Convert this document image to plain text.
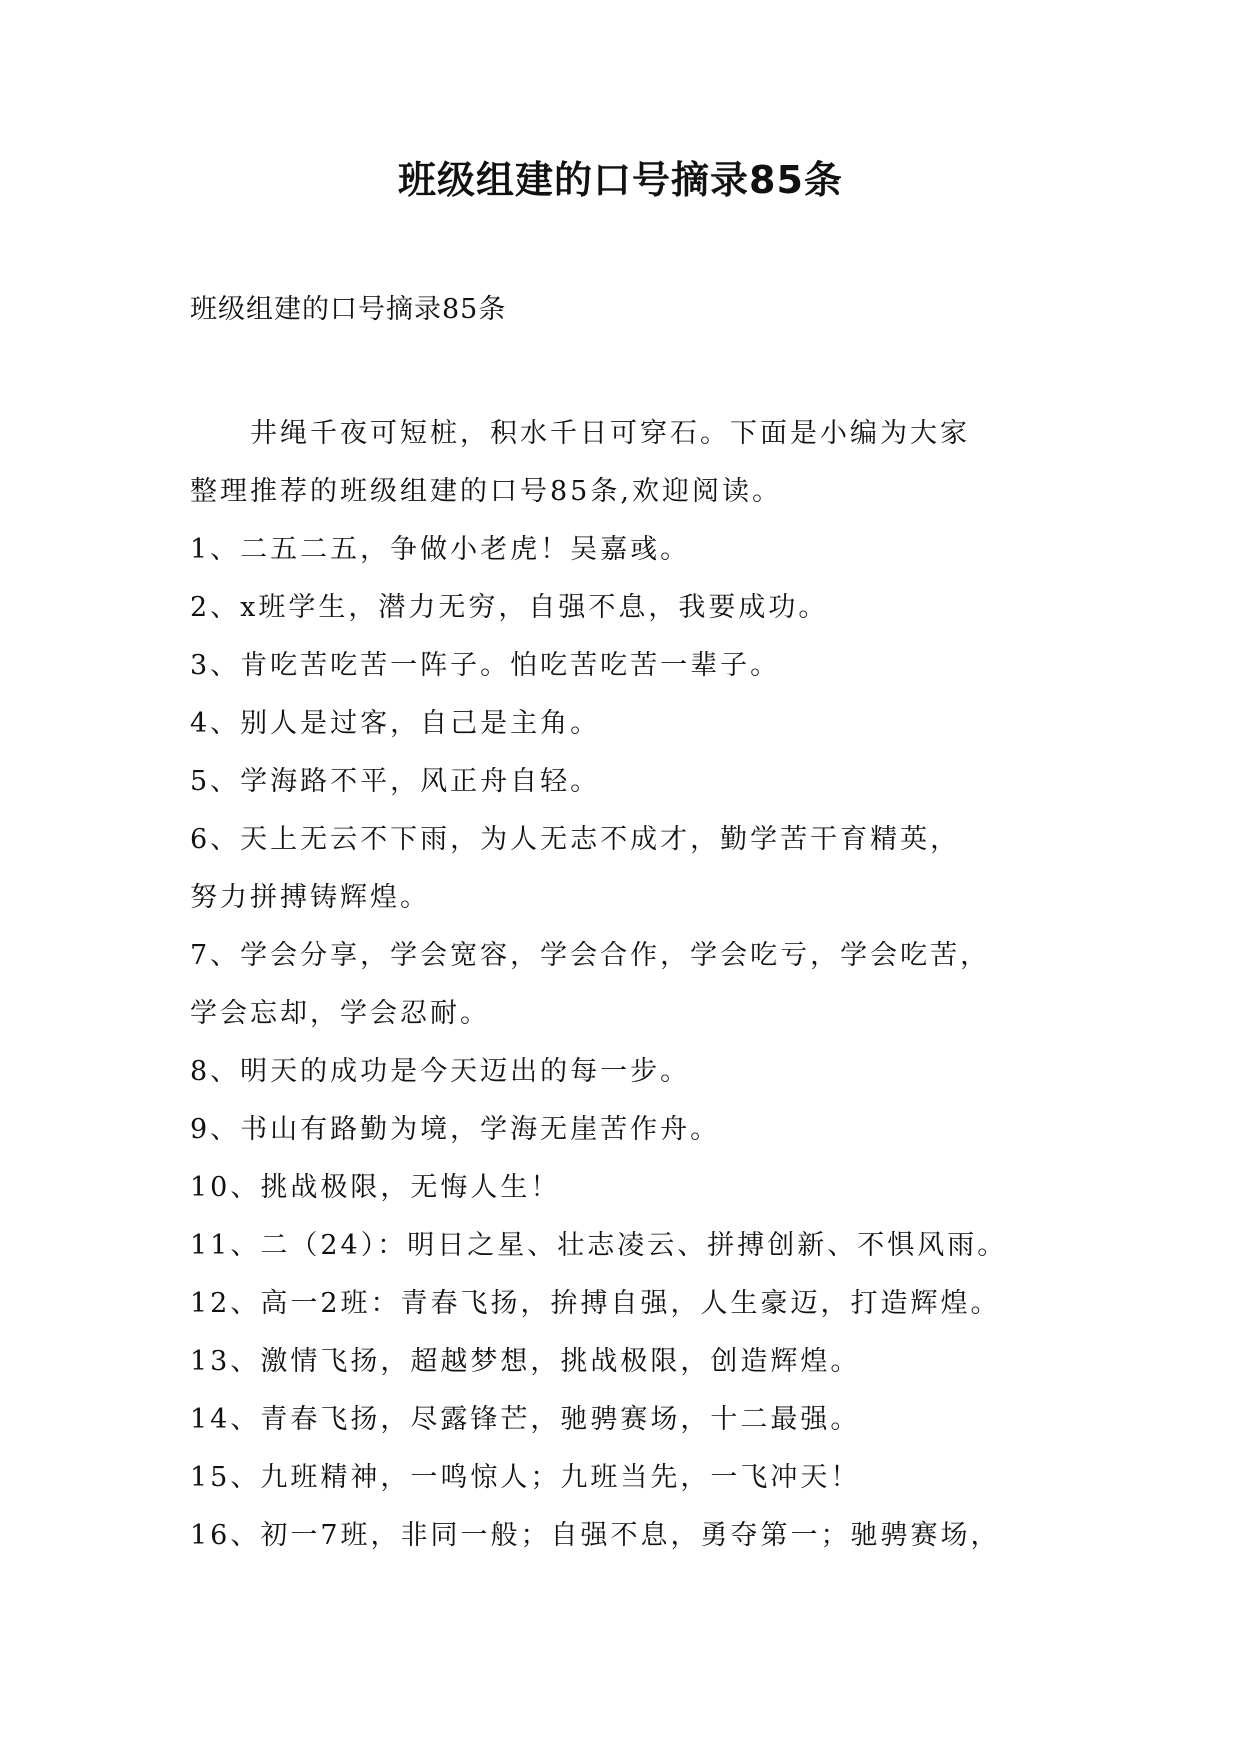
班级组建的口号摘录85条

班级组建的口号摘录85条

井绳千夜可短桩，积水千日可穿石。下面是小编为大家

整理推荐的班级组建的口号85条,欢迎阅读。

1、二五二五，争做小老虎！吴嘉彧。

2、x班学生，潜力无穷，自强不息，我要成功。

3、肯吃苦吃苦一阵子。怕吃苦吃苦一辈子。

4、别人是过客，自己是主角。

5、学海路不平，风正舟自轻。

6、天上无云不下雨，为人无志不成才，勤学苦干育精英，
努力拼搏铸辉煌。

7、学会分享，学会宽容，学会合作，学会吃亏，学会吃苦，
学会忘却，学会忍耐。

8、明天的成功是今天迈出的每一步。

9、书山有路勤为境，学海无崖苦作舟。

10、挑战极限，无悔人生！

11、二（24）：明日之星、壮志凌云、拼搏创新、不惧风雨。

12、高一2班：青春飞扬，拚搏自强，人生豪迈，打造辉煌。

13、激情飞扬，超越梦想，挑战极限，创造辉煌。

14、青春飞扬，尽露锋芒，驰骋赛场，十二最强。

15、九班精神，一鸣惊人；九班当先，一飞冲天！

16、初一7班，非同一般；自强不息，勇夺第一；驰骋赛场，
